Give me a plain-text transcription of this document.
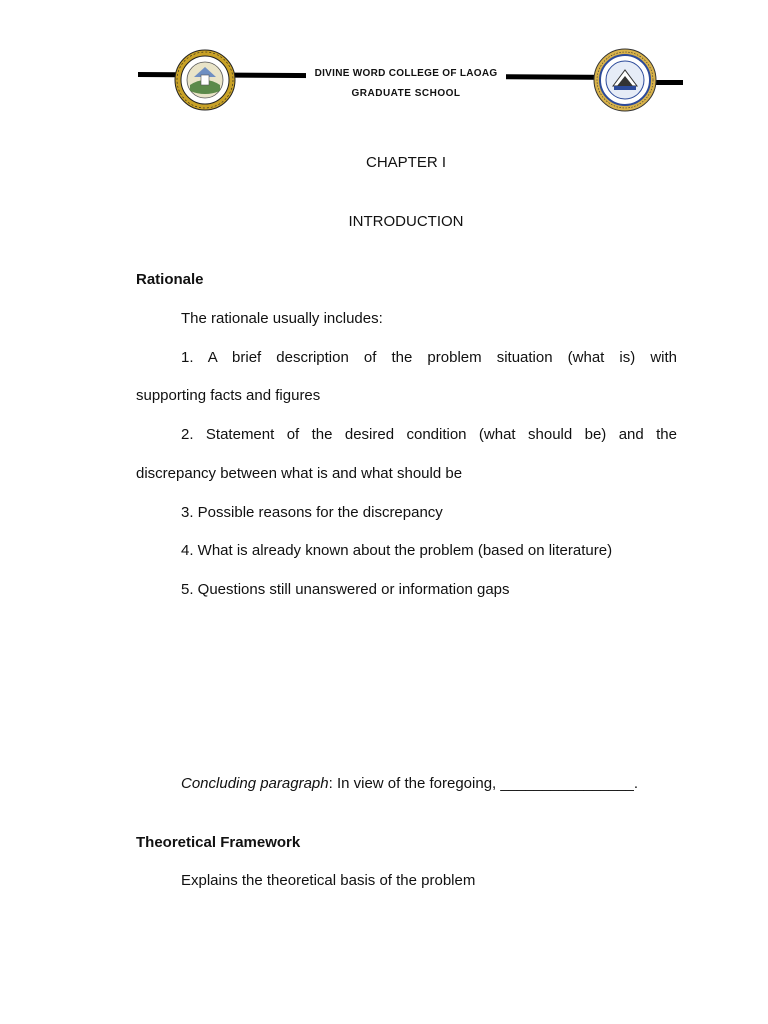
DIVINE WORD COLLEGE OF LAOAG
GRADUATE SCHOOL
CHAPTER I
INTRODUCTION
Rationale
The rationale usually includes:
1. A brief description of the problem situation (what is) with
supporting facts and figures
2. Statement of the desired condition (what should be) and the
discrepancy between what is and what should be
3. Possible reasons for the discrepancy
4. What is already known about the problem (based on literature)
5. Questions still unanswered or information gaps
Concluding paragraph: In view of the foregoing, ________________.
Theoretical Framework
Explains the theoretical basis of the problem
